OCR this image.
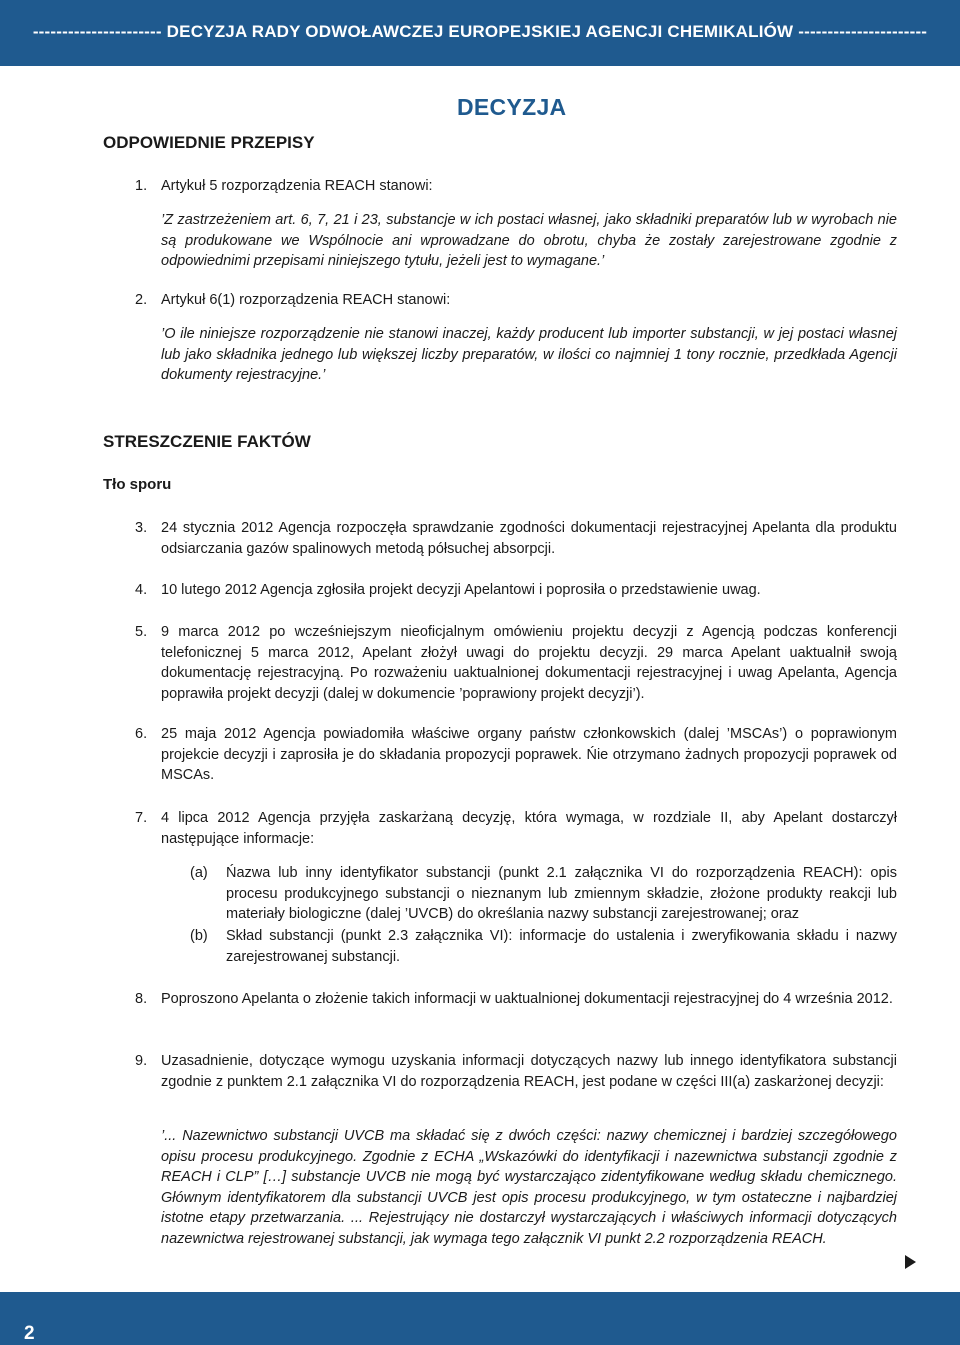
---------------------- DECYZJA RADY ODWOŁAWCZEJ EUROPEJSKIEJ AGENCJI CHEMIKALIÓW ----------------------
DECYZJA
ODPOWIEDNIE PRZEPISY
1. Artykuł 5 rozporządzenia REACH stanowi:

’Z zastrzeżeniem art. 6, 7, 21 i 23, substancje w ich postaci własnej, jako składniki preparatów lub w wyrobach nie są produkowane we Wspólnocie ani wprowadzane do obrotu, chyba że zostały zarejestrowane zgodnie z odpowiednimi przepisami niniejszego tytułu, jeżeli jest to wymagane.’

2. Artykuł 6(1) rozporządzenia REACH stanowi:

’O ile niniejsze rozporządzenie nie stanowi inaczej, każdy producent lub importer substancji, w jej postaci własnej lub jako składnika jednego lub większej liczby preparatów, w ilości co najmniej 1 tony rocznie, przedkłada Agencji dokumenty rejestracyjne.’

STRESZCZENIE FAKTÓW
Tło sporu
3. 24 stycznia 2012 Agencja rozpoczęła sprawdzanie zgodności dokumentacji rejestracyjnej Apelanta dla produktu odsiarczania gazów spalinowych metodą półsuchej absorpcji.

4. 10 lutego 2012 Agencja zgłosiła projekt decyzji Apelantowi i poprosiła o przedstawienie uwag.

5. 9 marca 2012 po wcześniejszym nieoficjalnym omówieniu projektu decyzji z Agencją podczas konferencji telefonicznej 5 marca 2012, Apelant złożył uwagi do projektu decyzji. 29 marca Apelant uaktualnił swoją dokumentację rejestracyjną. Po rozważeniu uaktualnionej dokumentacji rejestracyjnej i uwag Apelanta, Agencja poprawiła projekt decyzji (dalej w dokumencie ’poprawiony projekt decyzji’).

6. 25 maja 2012 Agencja powiadomiła właściwe organy państw członkowskich (dalej ’MSCAs’) o poprawionym projekcie decyzji i zaprosiła je do składania propozycji poprawek. Ńie otrzymano żadnych propozycji poprawek od MSCAs.

7. 4 lipca 2012 Agencja przyjęła zaskarżaną decyzję, która wymaga, w rozdziale II, aby Apelant dostarczył następujące informacje:

(a) Ńazwa lub inny identyfikator substancji (punkt 2.1 załącznika VI do rozporządzenia REACH): opis procesu produkcyjnego substancji o nieznanym lub zmiennym składzie, złożone produkty reakcji lub materiały biologiczne (dalej ’UVCB) do określania nazwy substancji zarejestrowanej; oraz

(b) Skład substancji (punkt 2.3 załącznika VI): informacje do ustalenia i zweryfikowania składu i nazwy zarejestrowanej substancji.

8. Poproszono Apelanta o złożenie takich informacji w uaktualnionej dokumentacji rejestracyjnej do 4 września 2012.

9. Uzasadnienie, dotyczące wymogu uzyskania informacji dotyczących nazwy lub innego identyfikatora substancji zgodnie z punktem 2.1 załącznika VI do rozporządzenia REACH, jest podane w części III(a) zaskarżonej decyzji:

’... Nazewnictwo substancji UVCB ma składać się z dwóch części: nazwy chemicznej i bardziej szczegółowego opisu procesu produkcyjnego. Zgodnie z ECHA „Wskazówki do identyfikacji i nazewnictwa substancji zgodnie z REACH i CLP” […] substancje UVCB nie mogą być wystarczająco zidentyfikowane według składu chemicznego. Głównym identyfikatorem dla substancji UVCB jest opis procesu produkcyjnego, w tym ostateczne i najbardziej istotne etapy przetwarzania. ... Rejestrujący nie dostarczył wystarczających i właściwych informacji dotyczących nazewnictwa rejestrowanej substancji, jak wymaga tego załącznik VI punkt 2.2 rozporządzenia REACH.

2
